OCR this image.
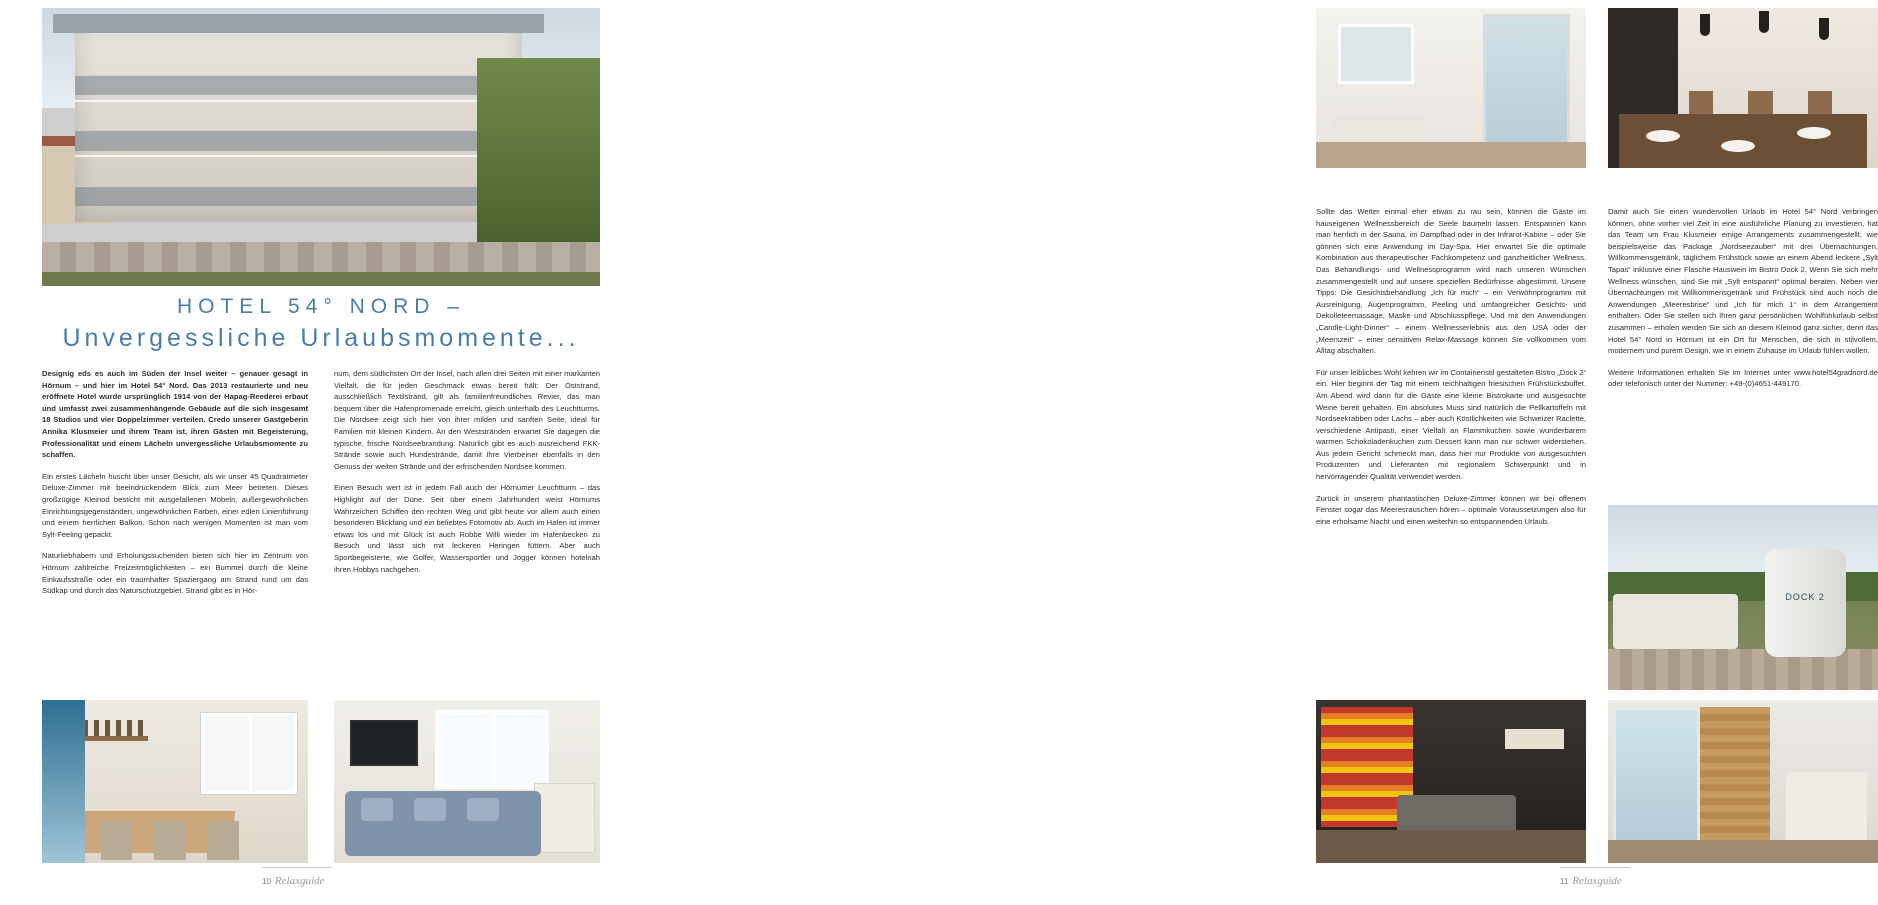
HOTEL 54° NORD –
Unvergessliche Urlaubsmomente...

Designig eds es auch im Süden der Insel weiter – genauer gesagt in Hörnum – und hier im Hotel 54° Nord. Das 2013 restaurierte und neu eröffnete Hotel wurde ursprünglich 1914 von der Hapag-Reederei erbaut und umfasst zwei zusammenhängende Gebäude auf die sich insgesamt 18 Studios und vier Doppelzimmer verteilen. Credo unserer Gastgeberin Annika Klusmeier und ihrem Team ist, ihren Gästen mit Begeisterung, Professionalität und einem Lächeln unvergessliche Urlaubsmomente zu schaffen.

Ein erstes Lächeln huscht über unser Gesicht, als wir unser 45 Quadratmeter Deluxe-Zimmer mit beeindruckendem Blick zum Meer betreten. Dieses großzügige Kleinod besticht mit ausgefallenen Möbeln, außergewöhnlichen Einrichtungsgegenständen, ungewöhnlichen Farben, einer edlen Linienführung und einem herrlichen Balkon. Schon nach wenigen Momenten ist man vom Sylt-Feeling gepackt.

Naturliebhabern und Erholungssuchenden bieten sich hier im Zentrum von Hörnum zahlreiche Freizeitmöglichkeiten – ein Bummel durch die kleine Einkaufsstraße oder ein traumhafter Spaziergang am Strand rund um das Südkap und durch das Naturschutzgebiet. Strand gibt es in Hör-

num, dem südlichsten Ort der Insel, nach allen drei Seiten mit einer markanten Vielfalt, die für jeden Geschmack etwas bereit hält: Der Oststrand, ausschließlich Textilstrand, gilt als familienfreundliches Revier, das man bequem über die Hafenpromenade erreicht, gleich unterhalb des Leuchtturms. Die Nordsee zeigt sich hier von ihrer milden und sanften Seite, ideal für Familien mit kleinen Kindern. An den Weststränden erwartet Sie dagegen die typische, frische Nordseebrandung. Natürlich gibt es auch ausreichend FKK-Strände sowie auch Hundestrände, damit Ihre Vierbeiner ebenfalls in den Genuss der weiten Strände und der erfrischenden Nordsee kommen.

Einen Besuch wert ist in jedem Fall auch der Hörnumer Leuchtturm – das Highlight auf der Düne. Seit über einem Jahrhundert weist Hörnums Wahrzeichen Schiffen den rechten Weg und gibt heute vor allem auch einen besonderen Blickfang und ein beliebtes Fotomotiv ab. Auch im Hafen ist immer etwas los und mit Glück ist auch Robbe Willi wieder im Hafenbecken zu Besuch und lässt sich mit leckeren Heringen füttern. Aber auch Sportbegeisterte, wie Golfer, Wassersportler und Jogger können hotelnah ihren Hobbys nachgehen.

10 Relaxguide

Sollte das Wetter einmal eher etwas zu rau sein, können die Gäste im hauseigenen Wellnessbereich die Seele baumeln lassen. Entspannen kann man herrlich in der Sauna, im Dampfbad oder in der Infrarot-Kabine – oder Sie gönnen sich eine Anwendung im Day-Spa. Hier erwartet Sie die optimale Kombination aus therapeutischer Fachkompetenz und ganzheitlicher Wellness. Das Behandlungs- und Wellnessprogramm wird nach unseren Wünschen zusammengestellt und auf unsere speziellen Bedürfnisse abgestimmt. Unsere Tipps: Die Gesichtsbehandlung „Ich für mich“ – ein Verwöhnprogramm mit Ausreinigung, Augenprogramm, Peeling und umfangreicher Gesichts- und Dekolleteemassage, Maske und Abschlusspflege. Und mit den Anwendungen „Candle-Light-Dinner“ – einem Wellnesserlebnis aus den USA oder der „Meerszeit“ – einer sensitiven Relax-Massage können Sie vollkommen vom Alltag abschalten.

Für unser leibliches Wohl kehren wir im Containeristil gestalteten Bistro „Dock 2“ ein. Hier beginnt der Tag mit einem reichhaltigen friesischen Frühstücksbuffet. Am Abend wird dann für die Gäste eine kleine Bistrokarte und ausgesuchte Weine bereit gehalten. Ein absolutes Muss sind natürlich die Pellkartoffeln mit Nordseekrabben oder Lachs – aber auch Köstlichkeiten wie Schweizer Raclette, verschiedene Antipasti, einer Vielfalt an Flammkuchen sowie wunderbarem warmen Schokoladenkuchen zum Dessert kann man nur schwer widerstehen. Aus jedem Gericht schmeckt man, dass hier nur Produkte von ausgesuchten Produzenten und Lieferanten mit regionalem Schwerpunkt und in hervorragender Qualität verwendet werden.

Zurück in unserem phantastischen Deluxe-Zimmer können wir bei offenem Fenster sogar das Meeresrauschen hören – optimale Voraussetzungen also für eine erholsame Nacht und einen weiterhin so entspannenden Urlaub.

Damit auch Sie einen wundervollen Urlaub im Hotel 54° Nord verbringen können, ohne vorher viel Zeit in eine ausführliche Planung zu investieren, hat das Team um Frau Klusmeier einige Arrangements zusammengestellt, wie beispielsweise das Package „Nordseezauber“ mit drei Übernachtungen, Willkommensgetränk, täglichem Frühstück sowie an einem Abend leckere „Sylt Tapas“ inklusive einer Flasche Hauswein im Bistro Dock 2. Wenn Sie sich mehr Wellness wünschen, sind Sie mit „Sylt entspannt“ optimal beraten. Neben vier Übernachtungen mit Willkommensgetränk und Frühstück sind auch noch die Anwendungen „Meeresbrise“ und „Ich für mich 1“ in dem Arrangement enthalten. Oder Sie stellen sich Ihren ganz persönlichen Wohlfühlurlaub selbst zusammen – erholen werden Sie sich an diesem Kleinod ganz sicher, denn das Hotel 54° Nord in Hörnum ist ein Ort für Menschen, die sich in stilvollem, modernem und purem Design, wie in einem Zuhause im Urlaub fühlen wollen.

Weitere Informationen erhalten Sie im Internet unter www.hotel54gradnord.de oder telefonisch unter der Nummer: +49-(0)4651-449170.

DOCK 2
11 Relaxguide
